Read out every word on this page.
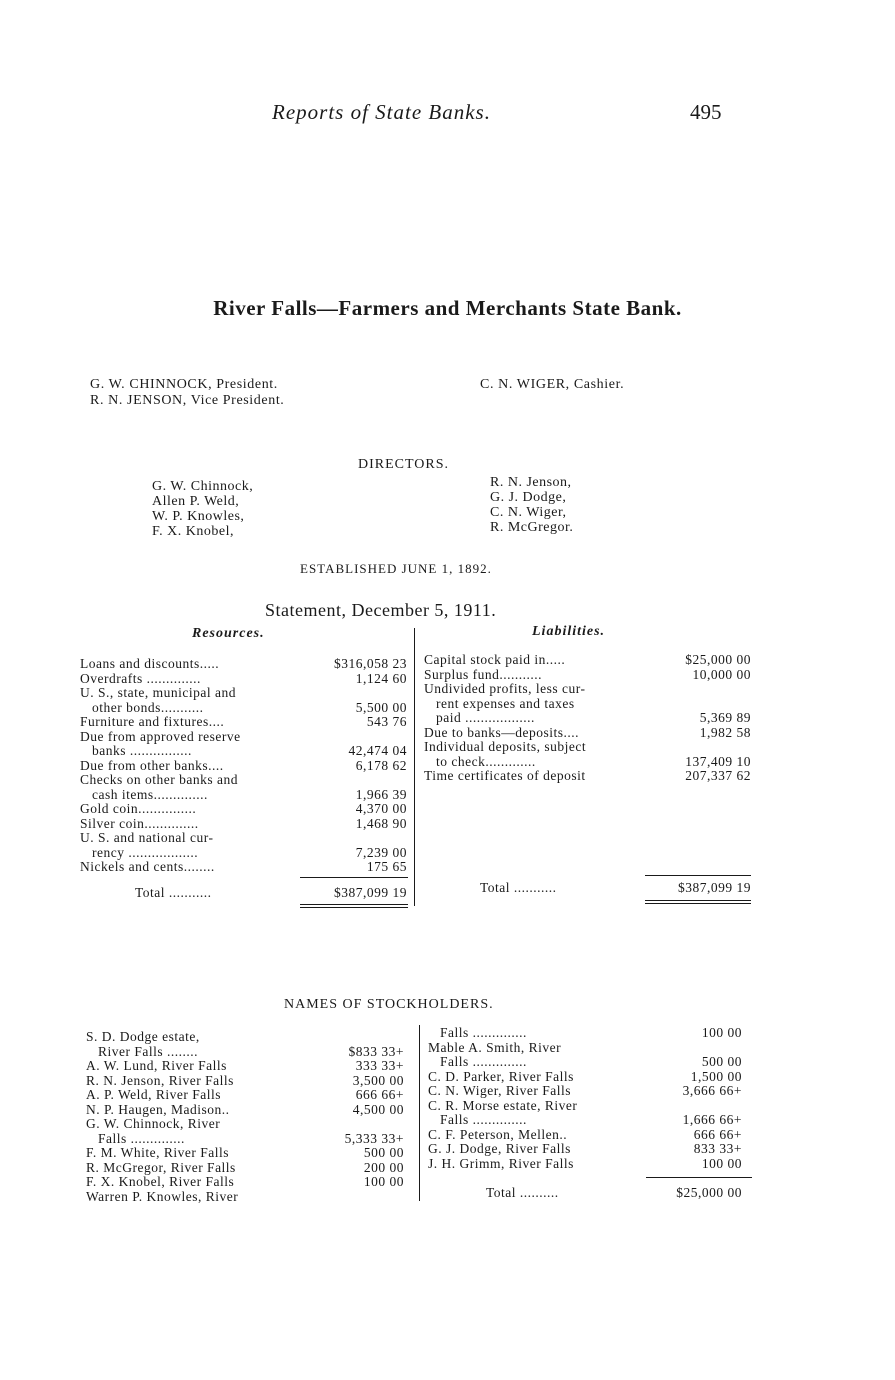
Reports of State Banks.	495
River Falls—Farmers and Merchants State Bank.
G. W. CHINNOCK, President.
R. N. JENSON, Vice President.
C. N. WIGER, Cashier.
DIRECTORS.
G. W. Chinnock,
Allen P. Weld,
W. P. Knowles,
F. X. Knobel,
R. N. Jenson,
G. J. Dodge,
C. N. Wiger,
R. McGregor.
ESTABLISHED JUNE 1, 1892.
Statement, December 5, 1911.
Resources.	Liabilities.
Loans and discounts.....	$316,058 23
Overdrafts ..............	1,124 60
U. S., state, municipal and
other bonds...........	5,500 00
Furniture and fixtures....	543 76
Due from approved reserve
banks ................	42,474 04
Due from other banks....	6,178 62
Checks on other banks and
cash items..............	1,966 39
Gold coin...............	4,370 00
Silver coin..............	1,468 90
U. S. and national cur-
rency ..................	7,239 00
Nickels and cents........	175 65
Total ...........	$387,099 19
Capital stock paid in.....	$25,000 00
Surplus fund...........	10,000 00
Undivided profits, less cur-
rent expenses and taxes
paid ..................	5,369 89
Due to banks—deposits....	1,982 58
Individual deposits, subject
to check.............	137,409 10
Time certificates of deposit	207,337 62
Total ...........	$387,099 19
NAMES OF STOCKHOLDERS.
S. D. Dodge estate,
River Falls ........	$833 33+
A. W. Lund, River Falls	333 33+
R. N. Jenson, River Falls	3,500 00
A. P. Weld, River Falls	666 66+
N. P. Haugen, Madison..	4,500 00
G. W. Chinnock, River
Falls ..............	5,333 33+
F. M. White, River Falls	500 00
R. McGregor, River Falls	200 00
F. X. Knobel, River Falls	100 00
Warren P. Knowles, River
Falls ..............	100 00
Mable A. Smith, River
Falls ..............	500 00
C. D. Parker, River Falls	1,500 00
C. N. Wiger, River Falls	3,666 66+
C. R. Morse estate, River
Falls ..............	1,666 66+
C. F. Peterson, Mellen..	666 66+
G. J. Dodge, River Falls	833 33+
J. H. Grimm, River Falls	100 00
Total ..........	$25,000 00
